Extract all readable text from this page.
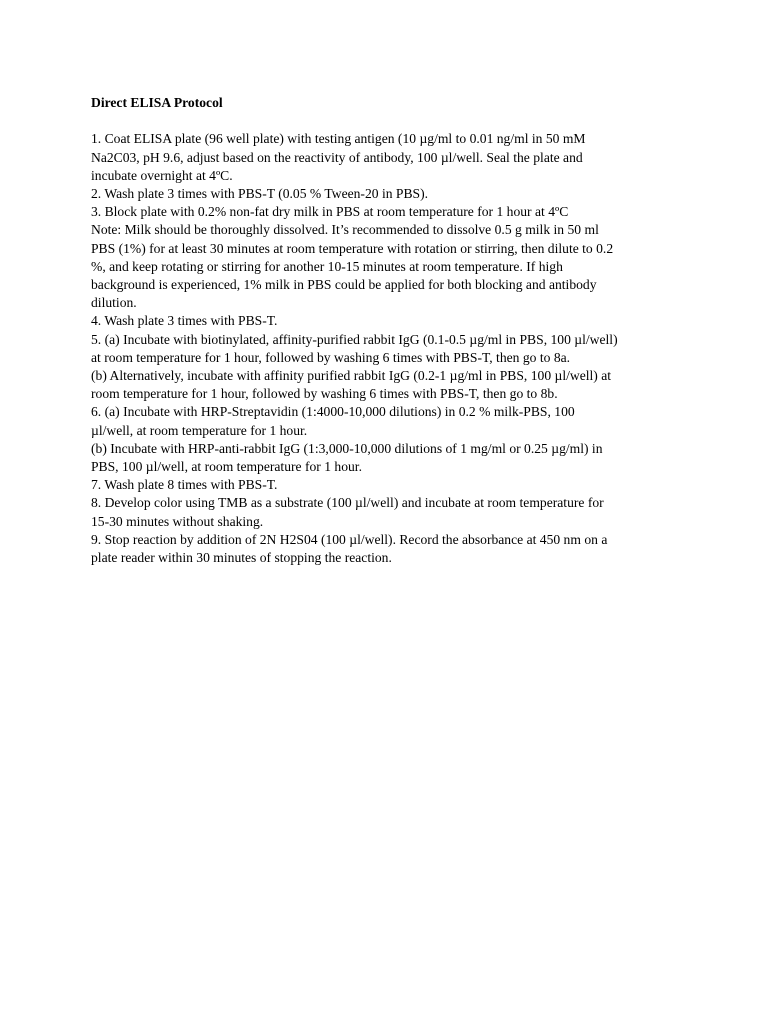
Direct ELISA Protocol
1. Coat ELISA plate (96 well plate) with testing antigen (10 µg/ml to 0.01 ng/ml in 50 mM
Na2C03, pH 9.6, adjust based on the reactivity of antibody, 100 µl/well. Seal the plate and
incubate overnight at 4ºC.
2. Wash plate 3 times with PBS-T (0.05 % Tween-20 in PBS).
3. Block plate with 0.2% non-fat dry milk in PBS at room temperature for 1 hour at 4ºC
Note: Milk should be thoroughly dissolved. It’s recommended to dissolve 0.5 g milk in 50 ml
PBS (1%) for at least 30 minutes at room temperature with rotation or stirring, then dilute to 0.2
%, and keep rotating or stirring for another 10-15 minutes at room temperature. If high
background is experienced, 1% milk in PBS could be applied for both blocking and antibody
dilution.
4. Wash plate 3 times with PBS-T.
5. (a) Incubate with biotinylated, affinity-purified rabbit IgG (0.1-0.5 µg/ml in PBS, 100 µl/well)
at room temperature for 1 hour, followed by washing 6 times with PBS-T, then go to 8a.
(b) Alternatively, incubate with affinity purified rabbit IgG (0.2-1 µg/ml in PBS, 100 µl/well) at
room temperature for 1 hour, followed by washing 6 times with PBS-T, then go to 8b.
6. (a) Incubate with HRP-Streptavidin (1:4000-10,000 dilutions) in 0.2 % milk-PBS, 100
µl/well, at room temperature for 1 hour.
(b) Incubate with HRP-anti-rabbit IgG (1:3,000-10,000 dilutions of 1 mg/ml or 0.25 µg/ml) in
PBS, 100 µl/well, at room temperature for 1 hour.
7. Wash plate 8 times with PBS-T.
8. Develop color using TMB as a substrate (100 µl/well) and incubate at room temperature for
15-30 minutes without shaking.
9. Stop reaction by addition of 2N H2S04 (100 µl/well). Record the absorbance at 450 nm on a
plate reader within 30 minutes of stopping the reaction.
